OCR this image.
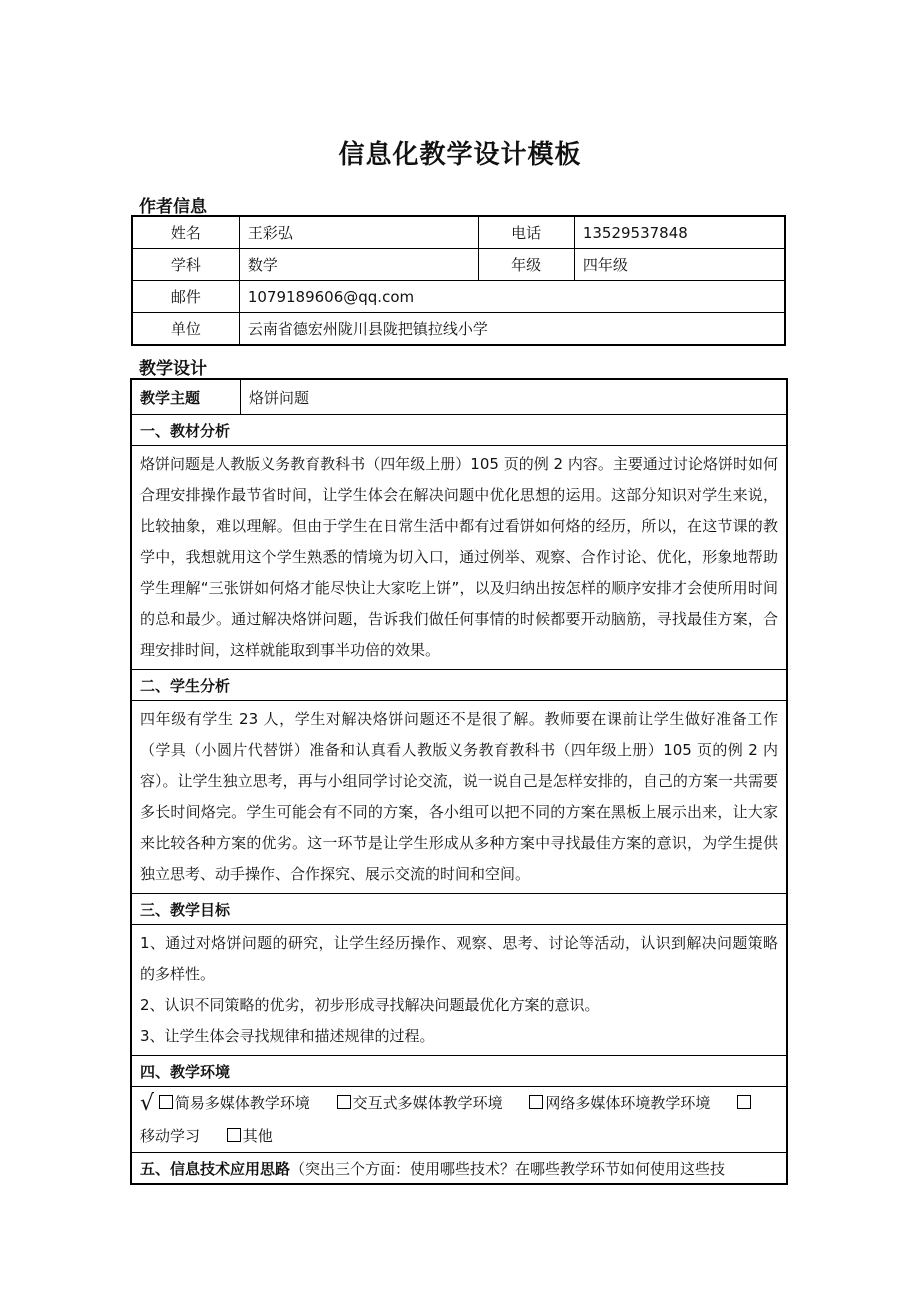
信息化教学设计模板
作者信息
姓名	王彩弘	电话	13529537848
学科	数学	年级	四年级
邮件	1079189606@qq.com		
单位	云南省德宏州陇川县陇把镇拉线小学		
教学设计
教学主题	烙饼问题
一、教材分析
烙饼问题是人教版义务教育教科书（四年级上册）105 页的例 2 内容。主要通过讨论烙饼时如何合理安排操作最节省时间，让学生体会在解决问题中优化思想的运用。这部分知识对学生来说，比较抽象，难以理解。但由于学生在日常生活中都有过看饼如何烙的经历，所以，在这节课的教学中，我想就用这个学生熟悉的情境为切入口，通过例举、观察、合作讨论、优化，形象地帮助学生理解“三张饼如何烙才能尽快让大家吃上饼”，以及归纳出按怎样的顺序安排才会使所用时间的总和最少。通过解决烙饼问题，告诉我们做任何事情的时候都要开动脑筋，寻找最佳方案，合理安排时间，这样就能取到事半功倍的效果。
二、学生分析
四年级有学生 23 人，学生对解决烙饼问题还不是很了解。教师要在课前让学生做好准备工作（学具（小圆片代替饼）准备和认真看人教版义务教育教科书（四年级上册）105 页的例 2 内容）。让学生独立思考，再与小组同学讨论交流，说一说自己是怎样安排的，自己的方案一共需要多长时间烙完。学生可能会有不同的方案，各小组可以把不同的方案在黑板上展示出来，让大家来比较各种方案的优劣。这一环节是让学生形成从多种方案中寻找最佳方案的意识，为学生提供独立思考、动手操作、合作探究、展示交流的时间和空间。
三、教学目标

1、通过对烙饼问题的研究，让学生经历操作、观察、思考、讨论等活动，认识到解决问题策略的多样性。
2、认识不同策略的优劣，初步形成寻找解决问题最优化方案的意识。
3、让学生体会寻找规律和描述规律的过程。

四、教学环境

√ 简易多媒体教学环境	交互式多媒体教学环境	网络多媒体环境教学环境
移动学习	其他

五、信息技术应用思路（突出三个方面：使用哪些技术？在哪些教学环节如何使用这些技
